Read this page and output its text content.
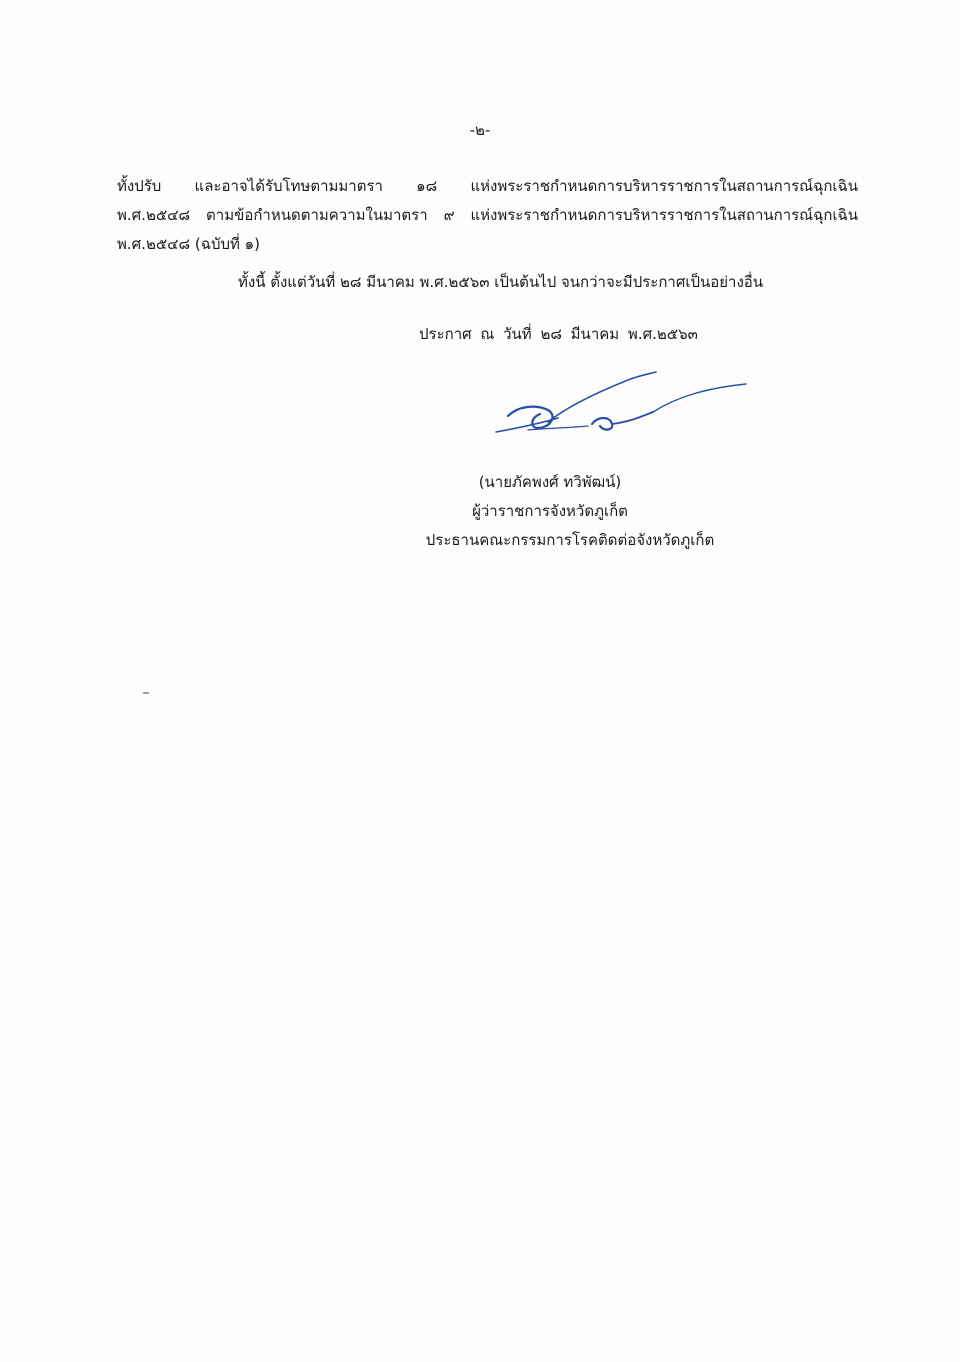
-๒-
ทั้งปรับ และอาจได้รับโทษตามมาตรา ๑๘ แห่งพระราชกำหนดการบริหารราชการในสถานการณ์ฉุกเฉิน
พ.ศ.๒๕๔๘ ตามข้อกำหนดตามความในมาตรา ๙ แห่งพระราชกำหนดการบริหารราชการในสถานการณ์ฉุกเฉิน
พ.ศ.๒๕๔๘ (ฉบับที่ ๑)
ทั้งนี้ ตั้งแต่วันที่ ๒๘ มีนาคม พ.ศ.๒๕๖๓ เป็นต้นไป จนกว่าจะมีประกาศเป็นอย่างอื่น
ประกาศ ณ วันที่ ๒๘ มีนาคม พ.ศ.๒๕๖๓
(นายภัคพงศ์ ทวิพัฒน์)
ผู้ว่าราชการจังหวัดภูเก็ต
ประธานคณะกรรมการโรคติดต่อจังหวัดภูเก็ต
